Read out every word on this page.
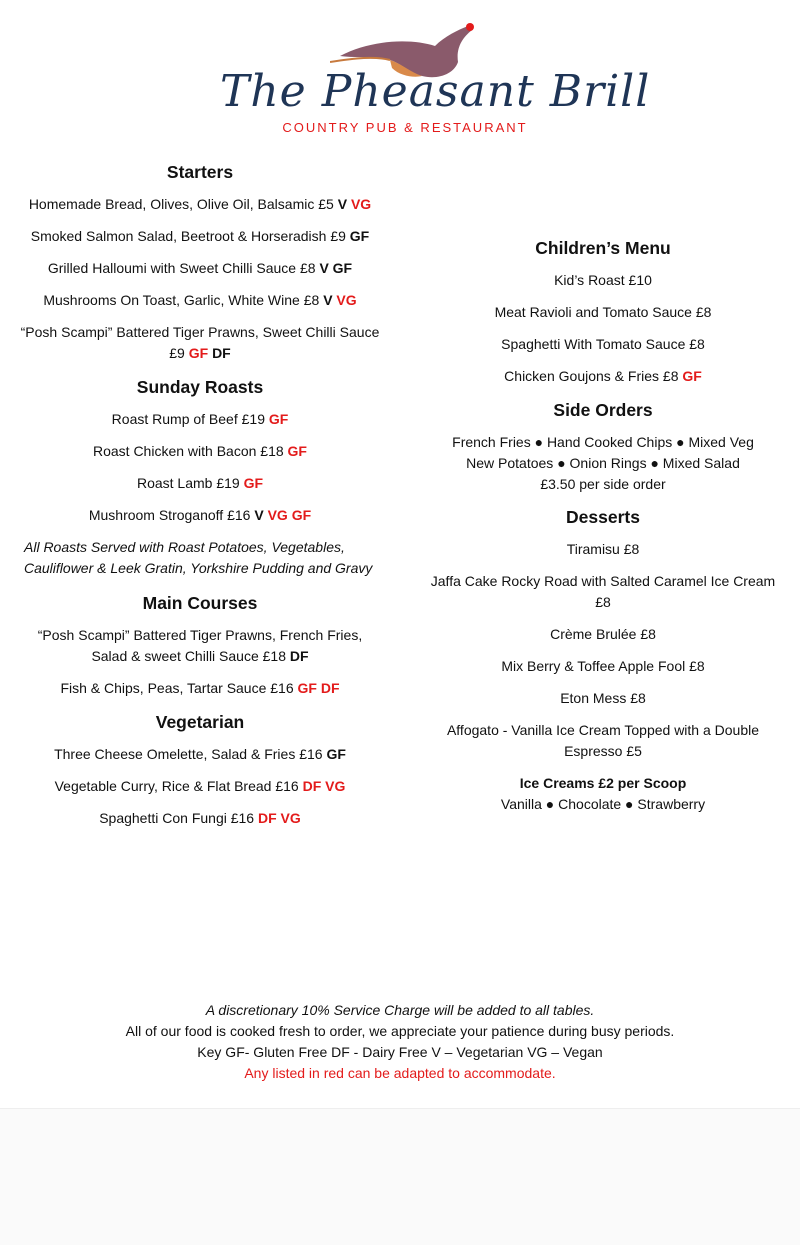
The Pheasant Brill
COUNTRY PUB & RESTAURANT
Starters
Homemade Bread, Olives, Olive Oil, Balsamic £5 V VG
Smoked Salmon Salad, Beetroot & Horseradish £9 GF
Grilled Halloumi with Sweet Chilli Sauce £8 V GF
Mushrooms On Toast, Garlic, White Wine £8 V VG
“Posh Scampi” Battered Tiger Prawns, Sweet Chilli Sauce £9 GF DF
Sunday Roasts
Roast Rump of Beef £19 GF
Roast Chicken with Bacon £18 GF
Roast Lamb £19 GF
Mushroom Stroganoff £16 V VG GF
All Roasts Served with Roast Potatoes, Vegetables, Cauliflower & Leek Gratin, Yorkshire Pudding and Gravy
Main Courses
“Posh Scampi” Battered Tiger Prawns, French Fries, Salad & sweet Chilli Sauce £18 DF
Fish & Chips, Peas, Tartar Sauce £16 GF DF
Vegetarian
Three Cheese Omelette, Salad & Fries £16 GF
Vegetable Curry, Rice & Flat Bread £16 DF VG
Spaghetti Con Fungi £16 DF VG
Children’s Menu
Kid’s Roast £10
Meat Ravioli and Tomato Sauce £8
Spaghetti With Tomato Sauce £8
Chicken Goujons & Fries £8 GF
Side Orders
French Fries ● Hand Cooked Chips ● Mixed Veg
New Potatoes ● Onion Rings ● Mixed Salad
£3.50 per side order
Desserts
Tiramisu £8
Jaffa Cake Rocky Road with Salted Caramel Ice Cream £8
Crème Brulée £8
Mix Berry & Toffee Apple Fool £8
Eton Mess £8
Affogato - Vanilla Ice Cream Topped with a Double Espresso £5
Ice Creams £2 per Scoop
Vanilla ● Chocolate ● Strawberry
A discretionary 10% Service Charge will be added to all tables.
All of our food is cooked fresh to order, we appreciate your patience during busy periods.
Key GF- Gluten Free DF - Dairy Free V – Vegetarian VG – Vegan
Any listed in red can be adapted to accommodate.
